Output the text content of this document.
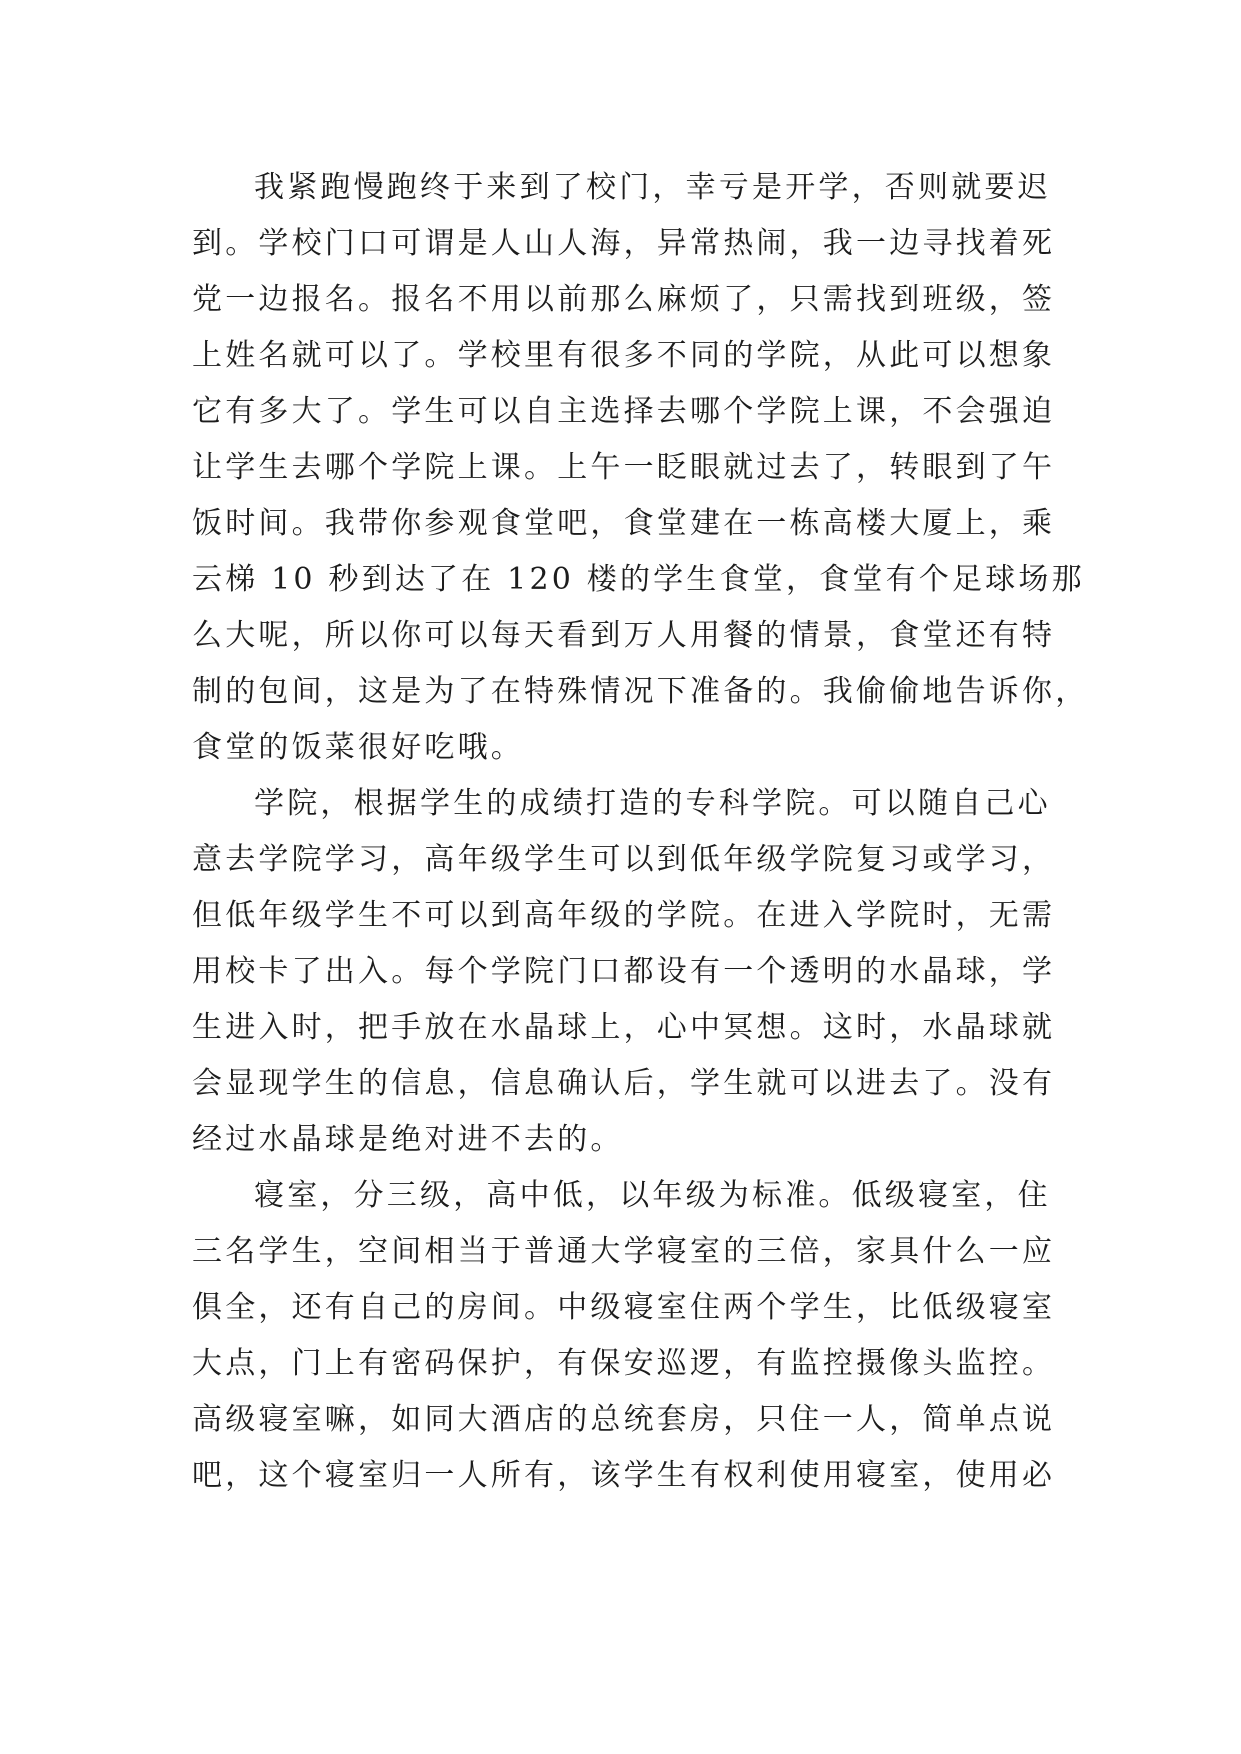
我紧跑慢跑终于来到了校门，幸亏是开学，否则就要迟
到。学校门口可谓是人山人海，异常热闹，我一边寻找着死
党一边报名。报名不用以前那么麻烦了，只需找到班级，签
上姓名就可以了。学校里有很多不同的学院，从此可以想象
它有多大了。学生可以自主选择去哪个学院上课，不会强迫
让学生去哪个学院上课。上午一眨眼就过去了，转眼到了午
饭时间。我带你参观食堂吧，食堂建在一栋高楼大厦上，乘
云梯 10 秒到达了在 120 楼的学生食堂，食堂有个足球场那
么大呢，所以你可以每天看到万人用餐的情景，食堂还有特
制的包间，这是为了在特殊情况下准备的。我偷偷地告诉你，
食堂的饭菜很好吃哦。
学院，根据学生的成绩打造的专科学院。可以随自己心
意去学院学习，高年级学生可以到低年级学院复习或学习，
但低年级学生不可以到高年级的学院。在进入学院时，无需
用校卡了出入。每个学院门口都设有一个透明的水晶球，学
生进入时，把手放在水晶球上，心中冥想。这时，水晶球就
会显现学生的信息，信息确认后，学生就可以进去了。没有
经过水晶球是绝对进不去的。
寝室，分三级，高中低，以年级为标准。低级寝室，住
三名学生，空间相当于普通大学寝室的三倍，家具什么一应
俱全，还有自己的房间。中级寝室住两个学生，比低级寝室
大点，门上有密码保护，有保安巡逻，有监控摄像头监控。
高级寝室嘛，如同大酒店的总统套房，只住一人，简单点说
吧，这个寝室归一人所有，该学生有权利使用寝室，使用必
